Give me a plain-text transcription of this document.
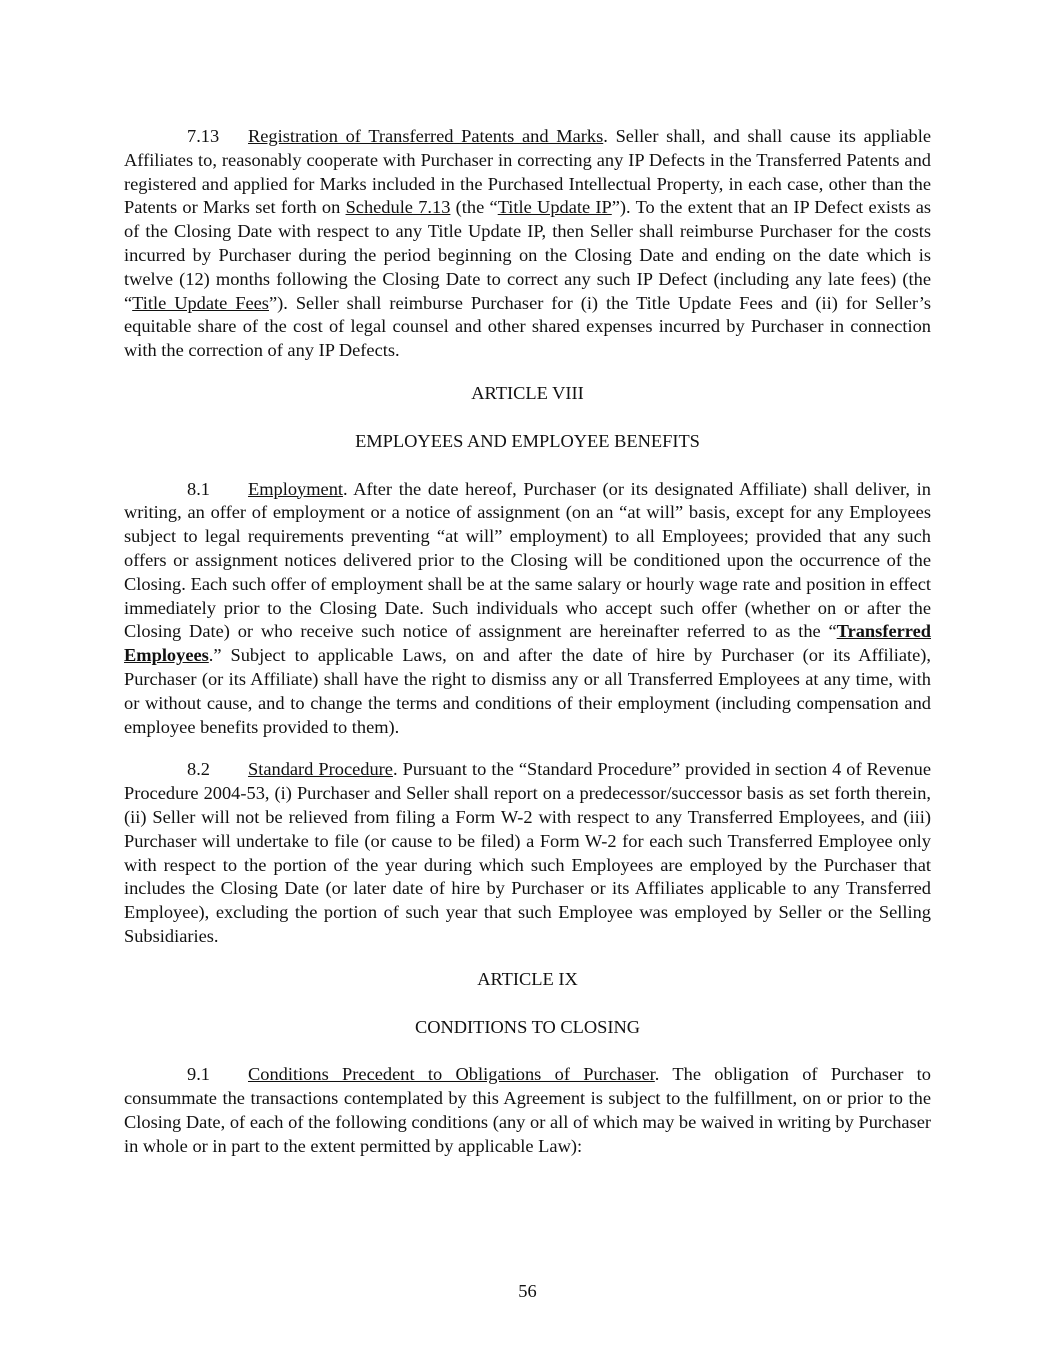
7.13 Registration of Transferred Patents and Marks. Seller shall, and shall cause its appliable Affiliates to, reasonably cooperate with Purchaser in correcting any IP Defects in the Transferred Patents and registered and applied for Marks included in the Purchased Intellectual Property, in each case, other than the Patents or Marks set forth on Schedule 7.13 (the “Title Update IP”). To the extent that an IP Defect exists as of the Closing Date with respect to any Title Update IP, then Seller shall reimburse Purchaser for the costs incurred by Purchaser during the period beginning on the Closing Date and ending on the date which is twelve (12) months following the Closing Date to correct any such IP Defect (including any late fees) (the “Title Update Fees”). Seller shall reimburse Purchaser for (i) the Title Update Fees and (ii) for Seller’s equitable share of the cost of legal counsel and other shared expenses incurred by Purchaser in connection with the correction of any IP Defects.

ARTICLE VIII
EMPLOYEES AND EMPLOYEE BENEFITS

8.1 Employment. After the date hereof, Purchaser (or its designated Affiliate) shall deliver, in writing, an offer of employment or a notice of assignment (on an “at will” basis, except for any Employees subject to legal requirements preventing “at will” employment) to all Employees; provided that any such offers or assignment notices delivered prior to the Closing will be conditioned upon the occurrence of the Closing. Each such offer of employment shall be at the same salary or hourly wage rate and position in effect immediately prior to the Closing Date. Such individuals who accept such offer (whether on or after the Closing Date) or who receive such notice of assignment are hereinafter referred to as the “Transferred Employees.” Subject to applicable Laws, on and after the date of hire by Purchaser (or its Affiliate), Purchaser (or its Affiliate) shall have the right to dismiss any or all Transferred Employees at any time, with or without cause, and to change the terms and conditions of their employment (including compensation and employee benefits provided to them).

8.2 Standard Procedure. Pursuant to the “Standard Procedure” provided in section 4 of Revenue Procedure 2004-53, (i) Purchaser and Seller shall report on a predecessor/successor basis as set forth therein, (ii) Seller will not be relieved from filing a Form W-2 with respect to any Transferred Employees, and (iii) Purchaser will undertake to file (or cause to be filed) a Form W-2 for each such Transferred Employee only with respect to the portion of the year during which such Employees are employed by the Purchaser that includes the Closing Date (or later date of hire by Purchaser or its Affiliates applicable to any Transferred Employee), excluding the portion of such year that such Employee was employed by Seller or the Selling Subsidiaries.

ARTICLE IX
CONDITIONS TO CLOSING

9.1 Conditions Precedent to Obligations of Purchaser. The obligation of Purchaser to consummate the transactions contemplated by this Agreement is subject to the fulfillment, on or prior to the Closing Date, of each of the following conditions (any or all of which may be waived in writing by Purchaser in whole or in part to the extent permitted by applicable Law):

56
